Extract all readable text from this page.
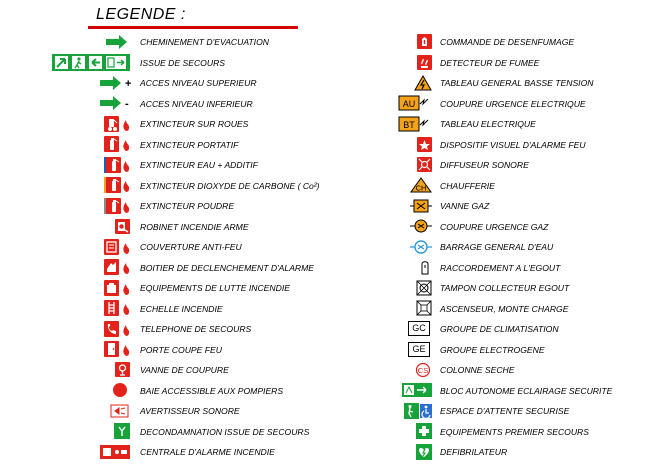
LEGENDE :
CHEMINEMENT D'EVACUATION
ISSUE DE SECOURS
+ ACCES NIVEAU SUPERIEUR
- ACCES NIVEAU INFERIEUR
EXTINCTEUR SUR ROUES
EXTINCTEUR PORTATIF
EXTINCTEUR EAU + ADDITIF
EXTINCTEUR DIOXYDE DE CARBONE ( Co²)
EXTINCTEUR POUDRE
ROBINET INCENDIE ARME
COUVERTURE ANTI-FEU
BOITIER DE DECLENCHEMENT D'ALARME
EQUIPEMENTS DE LUTTE INCENDIE
ECHELLE INCENDIE
TELEPHONE DE SECOURS
PORTE COUPE FEU
VANNE DE COUPURE
BAIE ACCESSIBLE AUX POMPIERS
AVERTISSEUR SONORE
DECONDAMNATION ISSUE DE SECOURS
CENTRALE D'ALARME INCENDIE
COMMANDE DE DESENFUMAGE
DETECTEUR DE FUMEE
TABLEAU GENERAL BASSE TENSION
AU	COUPURE URGENCE ELECTRIQUE
BT	TABLEAU ELECTRIQUE
DISPOSITIF VISUEL D'ALARME FEU
DIFFUSEUR SONORE
CH CHAUFFERIE
VANNE GAZ
COUPURE URGENCE GAZ
BARRAGE GENERAL D'EAU
RACCORDEMENT A L'EGOUT
TAMPON COLLECTEUR EGOUT
ASCENSEUR, MONTE CHARGE
GC	GROUPE DE CLIMATISATION
GE	GROUPE ELECTROGENE
CS COLONNE SECHE
BLOC AUTONOME ECLAIRAGE SECURITE
ESPACE D'ATTENTE SECURISE
EQUIPEMENTS PREMIER SECOURS
DEFIBRILATEUR
